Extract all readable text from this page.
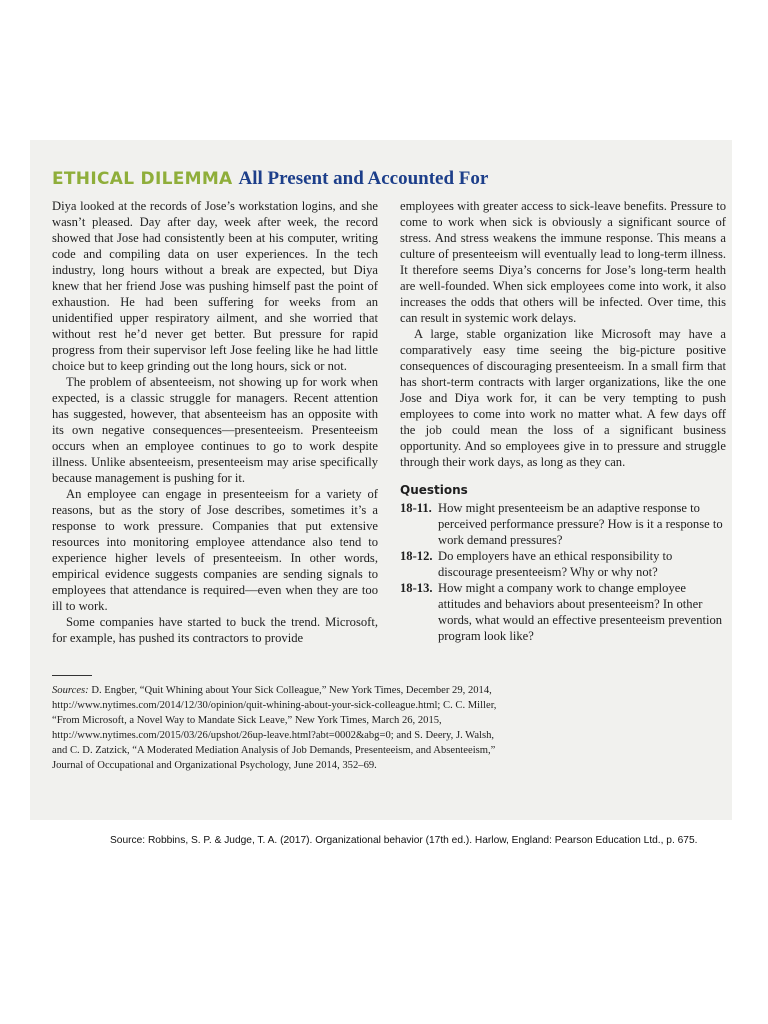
ETHICAL DILEMMA All Present and Accounted For

Diya looked at the records of Jose’s workstation logins, and she wasn’t pleased. Day after day, week after week, the record showed that Jose had consistently been at his computer, writing code and compiling data on user experiences. In the tech industry, long hours without a break are expected, but Diya knew that her friend Jose was pushing himself past the point of exhaustion. He had been suffering for weeks from an unidentified upper respiratory ailment, and she worried that without rest he’d never get better. But pressure for rapid progress from their supervisor left Jose feeling like he had little choice but to keep grinding out the long hours, sick or not.

The problem of absenteeism, not showing up for work when expected, is a classic struggle for managers. Recent attention has suggested, however, that absenteeism has an opposite with its own negative consequences—presenteeism. Presenteeism occurs when an employee continues to go to work despite illness. Unlike absenteeism, presenteeism may arise specifically because management is pushing for it.

An employee can engage in presenteeism for a variety of reasons, but as the story of Jose describes, sometimes it’s a response to work pressure. Companies that put extensive resources into monitoring employee attendance also tend to experience higher levels of presenteeism. In other words, empirical evidence suggests companies are sending signals to employees that attendance is required—even when they are too ill to work.

Some companies have started to buck the trend. Microsoft, for example, has pushed its contractors to provide

employees with greater access to sick-leave benefits. Pressure to come to work when sick is obviously a significant source of stress. And stress weakens the immune response. This means a culture of presenteeism will eventually lead to long-term illness. It therefore seems Diya’s concerns for Jose’s long-term health are well-founded. When sick employees come into work, it also increases the odds that others will be infected. Over time, this can result in systemic work delays.

A large, stable organization like Microsoft may have a comparatively easy time seeing the big-picture positive consequences of discouraging presenteeism. In a small firm that has short-term contracts with larger organizations, like the one Jose and Diya work for, it can be very tempting to push employees to come into work no matter what. A few days off the job could mean the loss of a significant business opportunity. And so employees give in to pressure and struggle through their work days, as long as they can.

Questions
18-11. How might presenteeism be an adaptive response to perceived performance pressure? How is it a response to work demand pressures?
18-12. Do employers have an ethical responsibility to discourage presenteeism? Why or why not?
18-13. How might a company work to change employee attitudes and behaviors about presenteeism? In other words, what would an effective presenteeism prevention program look like?

Sources: D. Engber, “Quit Whining about Your Sick Colleague,” New York Times, December 29, 2014, http://www.nytimes.com/2014/12/30/opinion/quit-whining-about-your-sick-colleague.html; C. C. Miller, “From Microsoft, a Novel Way to Mandate Sick Leave,” New York Times, March 26, 2015, http://www.nytimes.com/2015/03/26/upshot/26up-leave.html?abt=0002&abg=0; and S. Deery, J. Walsh, and C. D. Zatzick, “A Moderated Mediation Analysis of Job Demands, Presenteeism, and Absenteeism,” Journal of Occupational and Organizational Psychology, June 2014, 352–69.

Source: Robbins, S. P. & Judge, T. A. (2017). Organizational behavior (17th ed.). Harlow, England: Pearson Education Ltd., p. 675.
